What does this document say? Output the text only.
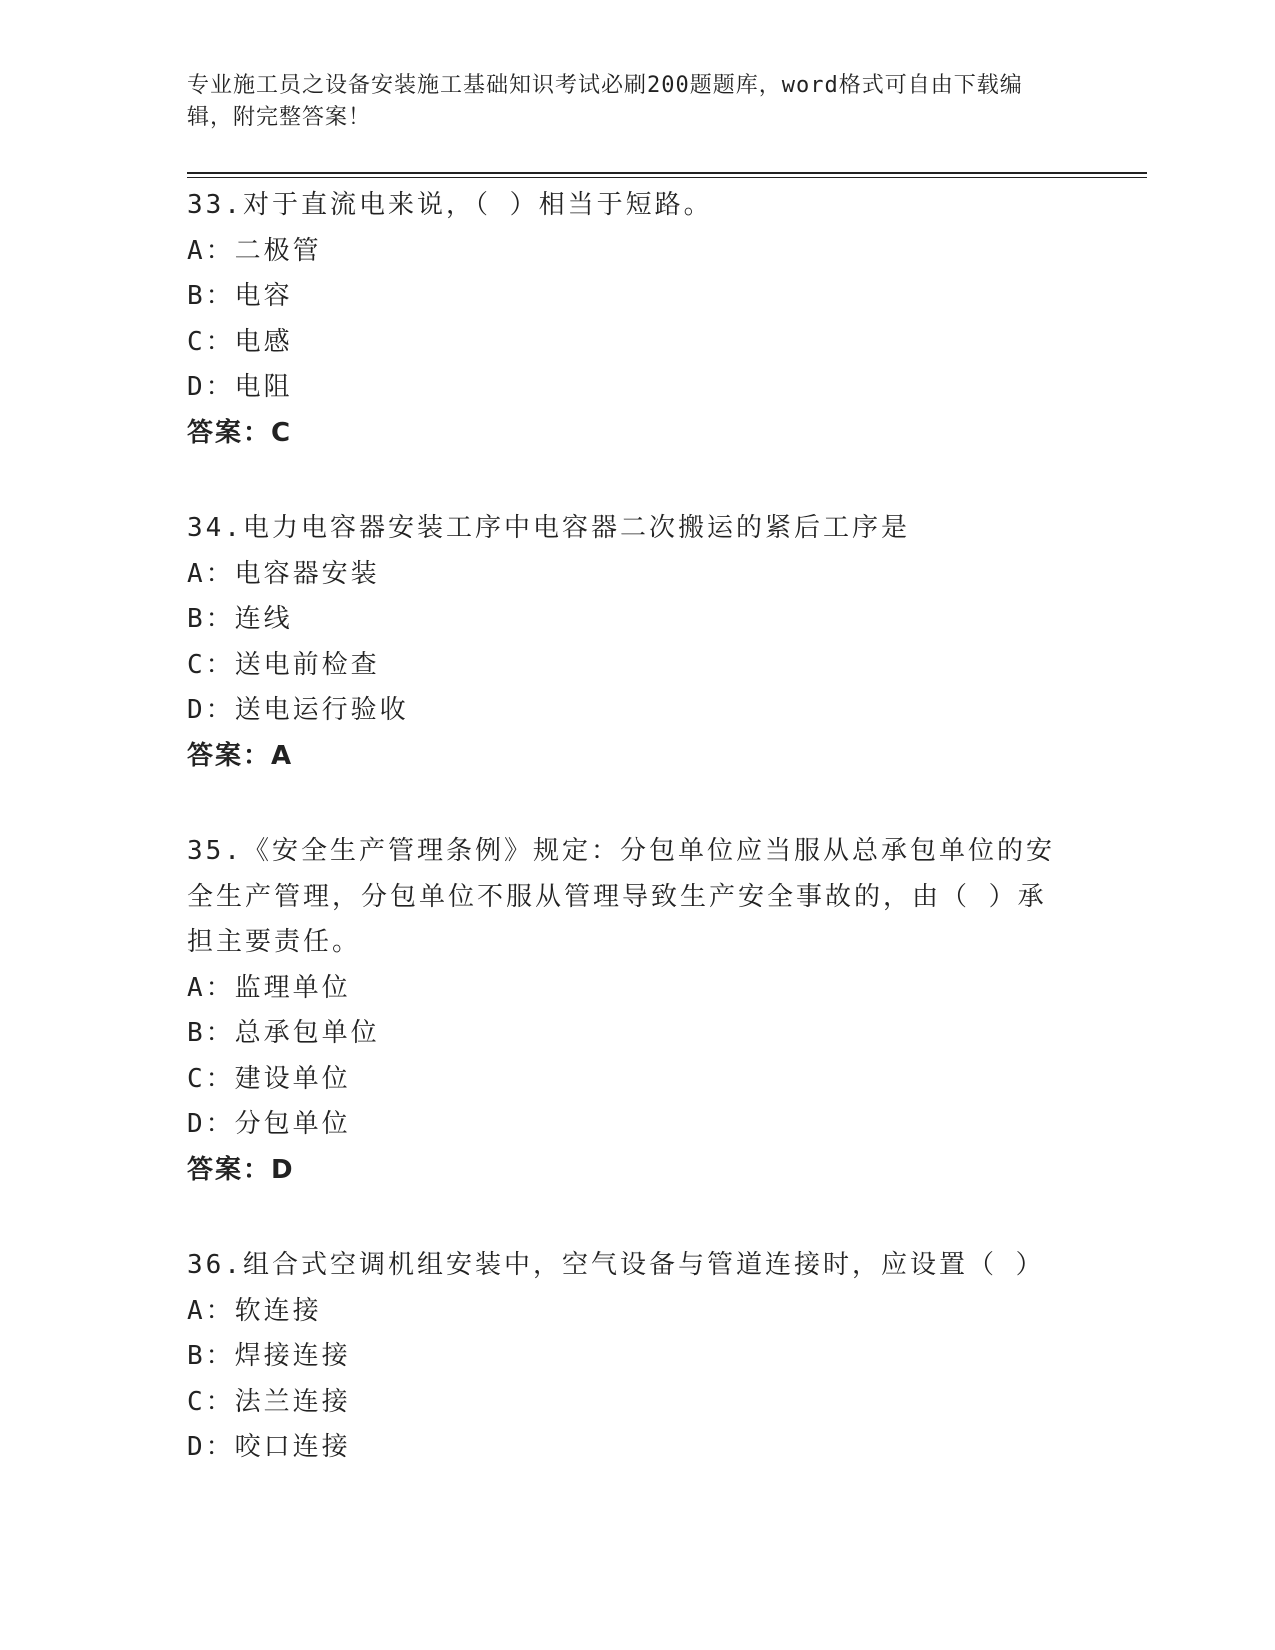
专业施工员之设备安装施工基础知识考试必刷200题题库，word格式可自由下载编辑，附完整答案！

33.对于直流电来说，（ ）相当于短路。

A：二极管

B：电容

C：电感

D：电阻

答案：C

34.电力电容器安装工序中电容器二次搬运的紧后工序是

A：电容器安装

B：连线

C：送电前检查

D：送电运行验收

答案：A

35.《安全生产管理条例》规定：分包单位应当服从总承包单位的安全生产管理，分包单位不服从管理导致生产安全事故的，由（ ）承担主要责任。

A：监理单位

B：总承包单位

C：建设单位

D：分包单位

答案：D

36.组合式空调机组安装中，空气设备与管道连接时，应设置（ ）

A：软连接

B：焊接连接

C：法兰连接

D：咬口连接
